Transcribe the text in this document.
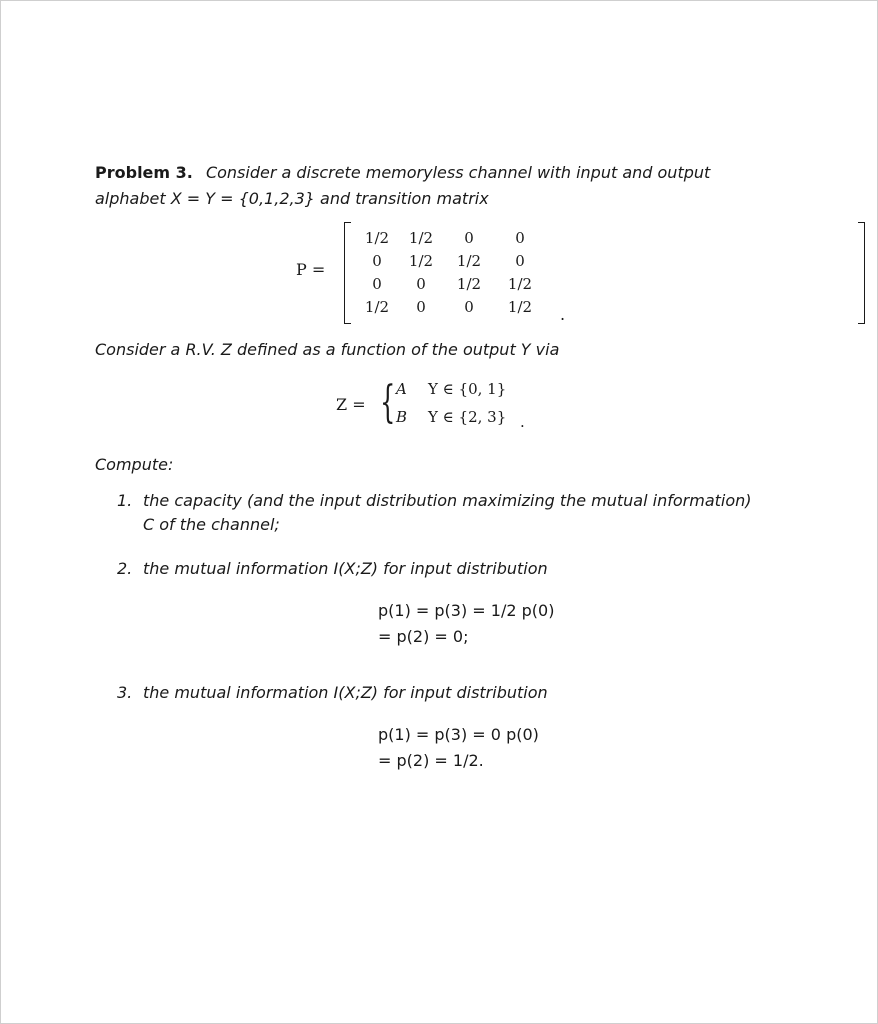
Problem 3. Consider a discrete memoryless channel with input and output
alphabet X = Y = {0,1,2,3} and transition matrix
P =
1/2	1/2	0	0
0	1/2	1/2	0
0	0	1/2	1/2
1/2	0	0	1/2 .
Consider a R.V. Z defined as a function of the output Y via
Z = { A Y ∈ {0, 1}
B Y ∈ {2, 3} .
Compute:
1. the capacity (and the input distribution maximizing the mutual information)
C of the channel;
2. the mutual information I(X;Z) for input distribution
p(1) = p(3) = 1/2 p(0)
= p(2) = 0;
3. the mutual information I(X;Z) for input distribution
p(1) = p(3) = 0 p(0)
= p(2) = 1/2.
